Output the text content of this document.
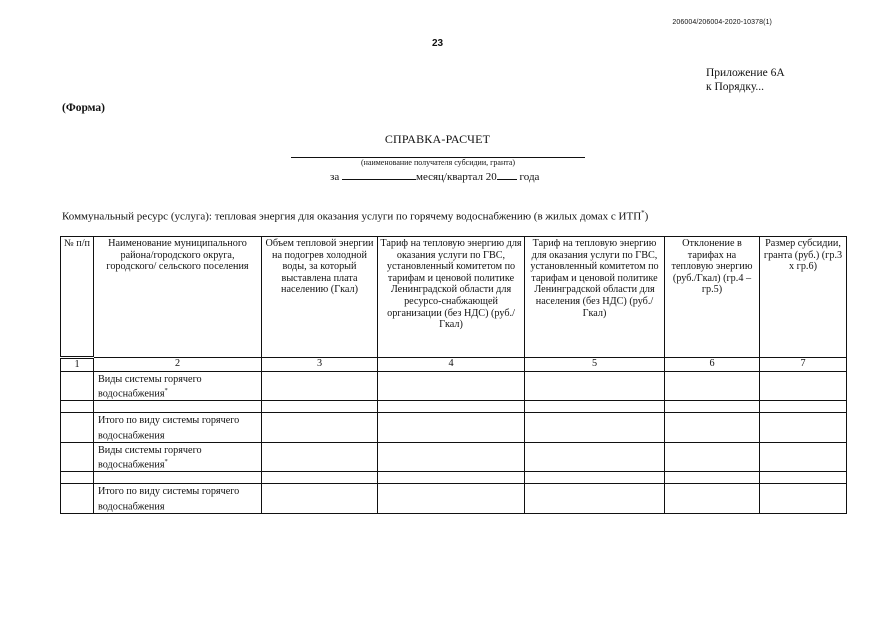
206004/206004-2020-10378(1)
23
Приложение 6А
к Порядку...
(Форма)
СПРАВКА-РАСЧЕТ
(наименование получателя субсидии, гранта)
за	месяц/квартал 20 года
Коммунальный ресурс (услуга): тепловая энергия для оказания услуги по горячему водоснабжению (в жилых домах с ИТП*)
№ п/п	Наименование муниципального района/городского округа, городского/ сельского поселения	Объем тепловой энергии на подогрев холодной воды, за который выставлена плата населению (Гкал)	Тариф на тепловую энергию для оказания услуги по ГВС, установленный комитетом по тарифам и ценовой политике Ленинградской области для ресурсо-снабжающей организации (без НДС) (руб./Гкал)	Тариф на тепловую энергию для оказания услуги по ГВС, установленный комитетом по тарифам и ценовой политике Ленинградской области для населения (без НДС) (руб./Гкал)	Отклонение в тарифах на тепловую энергию (руб./Гкал) (гр.4 – гр.5)	Размер субсидии, гранта (руб.) (гр.3 х гр.6)
1	2	3	4	5	6	7
	Виды системы горячего водоснабжения*					

	Итого по виду системы горячего водоснабжения					
	Виды системы горячего водоснабжения*					

	Итого по виду системы горячего водоснабжения					
